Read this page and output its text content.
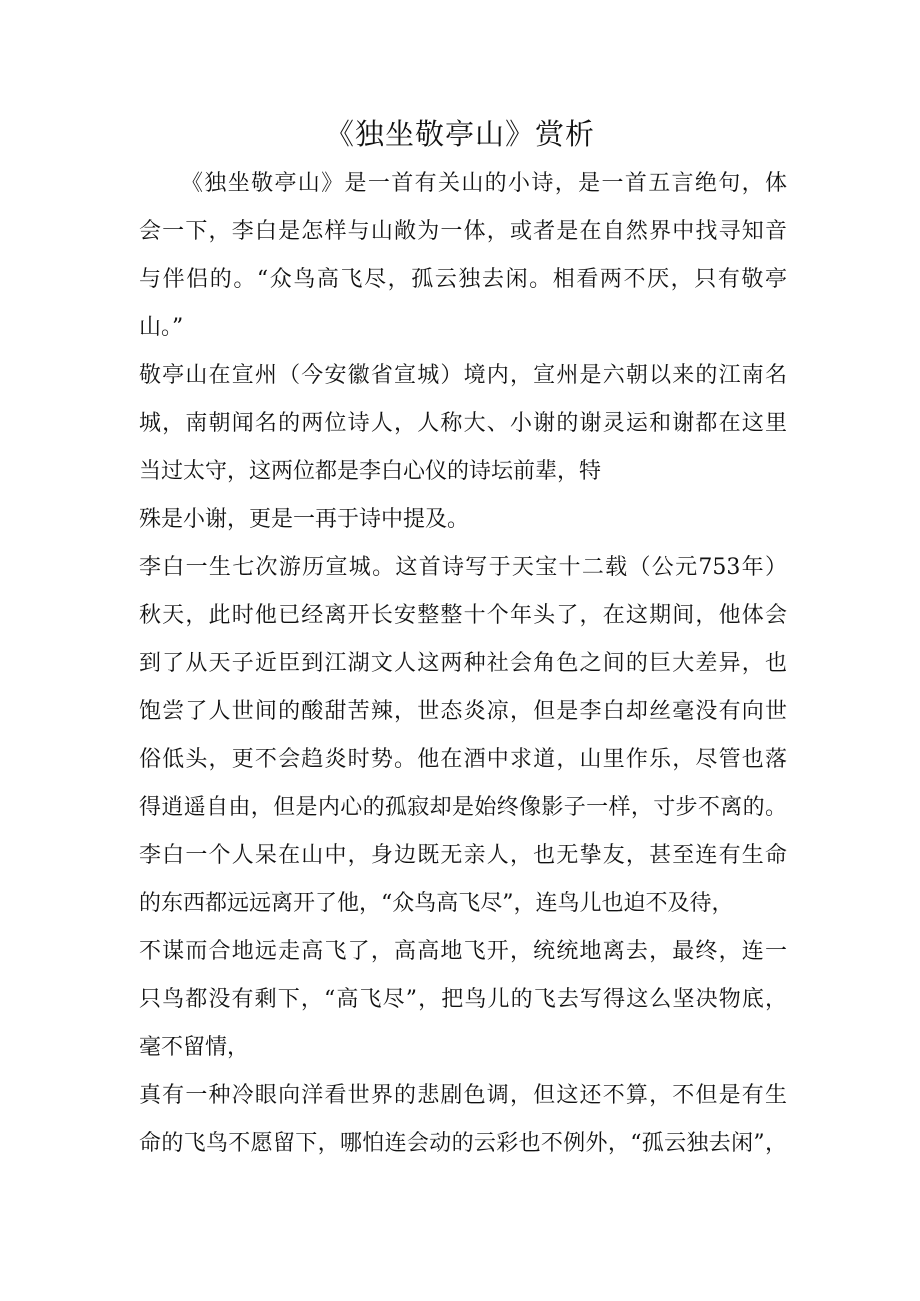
《独坐敬亭山》赏析
《独坐敬亭山》是一首有关山的小诗，是一首五言绝句，体
会一下，李白是怎样与山敞为一体，或者是在自然界中找寻知音
与伴侣的。“众鸟高飞尽，孤云独去闲。相看两不厌，只有敬亭
山。”
敬亭山在宣州（今安徽省宣城）境内，宣州是六朝以来的江南名
城，南朝闻名的两位诗人，人称大、小谢的谢灵运和谢都在这里
当过太守，这两位都是李白心仪的诗坛前辈，特
殊是小谢，更是一再于诗中提及。
李白一生七次游历宣城。这首诗写于天宝十二载（公元753年）
秋天，此时他已经离开长安整整十个年头了，在这期间，他体会
到了从天子近臣到江湖文人这两种社会角色之间的巨大差异，也
饱尝了人世间的酸甜苦辣，世态炎凉，但是李白却丝毫没有向世
俗低头，更不会趋炎时势。他在酒中求道，山里作乐，尽管也落
得逍遥自由，但是内心的孤寂却是始终像影子一样，寸步不离的。
李白一个人呆在山中，身边既无亲人，也无挚友，甚至连有生命
的东西都远远离开了他，“众鸟高飞尽”，连鸟儿也迫不及待，
不谋而合地远走高飞了，高高地飞开，统统地离去，最终，连一
只鸟都没有剩下，“高飞尽”，把鸟儿的飞去写得这么坚决物底，
毫不留情，
真有一种冷眼向洋看世界的悲剧色调，但这还不算，不但是有生
命的飞鸟不愿留下，哪怕连会动的云彩也不例外，“孤云独去闲”，
